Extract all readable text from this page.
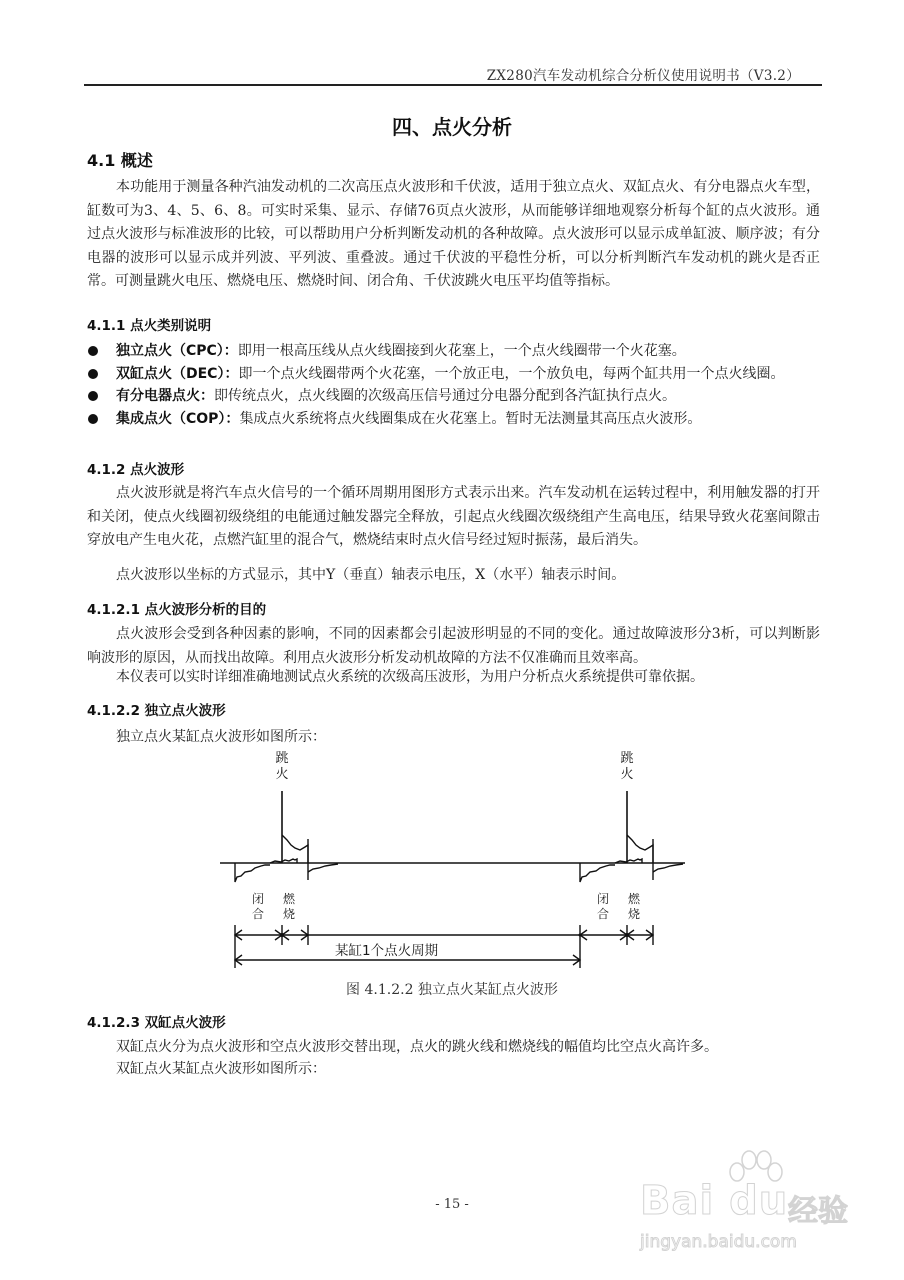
ZX280汽车发动机综合分析仪使用说明书（V3.2）
四、点火分析
4.1 概述
本功能用于测量各种汽油发动机的二次高压点火波形和千伏波，适用于独立点火、双缸点火、有分电器点火车型，缸数可为3、4、5、6、8。可实时采集、显示、存储76页点火波形，从而能够详细地观察分析每个缸的点火波形。通过点火波形与标准波形的比较，可以帮助用户分析判断发动机的各种故障。点火波形可以显示成单缸波、顺序波；有分电器的波形可以显示成并列波、平列波、重叠波。通过千伏波的平稳性分析，可以分析判断汽车发动机的跳火是否正常。可测量跳火电压、燃烧电压、燃烧时间、闭合角、千伏波跳火电压平均值等指标。
4.1.1 点火类别说明
独立点火（CPC）：即用一根高压线从点火线圈接到火花塞上，一个点火线圈带一个火花塞。
双缸点火（DEC）：即一个点火线圈带两个火花塞，一个放正电，一个放负电，每两个缸共用一个点火线圈。
有分电器点火：即传统点火，点火线圈的次级高压信号通过分电器分配到各汽缸执行点火。
集成点火（COP）：集成点火系统将点火线圈集成在火花塞上。暂时无法测量其高压点火波形。
4.1.2 点火波形
点火波形就是将汽车点火信号的一个循环周期用图形方式表示出来。汽车发动机在运转过程中，利用触发器的打开和关闭，使点火线圈初级绕组的电能通过触发器完全释放，引起点火线圈次级绕组产生高电压，结果导致火花塞间隙击穿放电产生电火花，点燃汽缸里的混合气，燃烧结束时点火信号经过短时振荡，最后消失。
点火波形以坐标的方式显示，其中Y（垂直）轴表示电压，X（水平）轴表示时间。
4.1.2.1 点火波形分析的目的
点火波形会受到各种因素的影响，不同的因素都会引起波形明显的不同的变化。通过故障波形分3析，可以判断影响波形的原因，从而找出故障。利用点火波形分析发动机故障的方法不仅准确而且效率高。
本仪表可以实时详细准确地测试点火系统的次级高压波形，为用户分析点火系统提供可靠依据。
4.1.2.2 独立点火波形
独立点火某缸点火波形如图所示：
跳火
跳火
闭合
燃烧
闭合
燃烧
某缸1个点火周期
图 4.1.2.2 独立点火某缸点火波形
4.1.2.3 双缸点火波形
双缸点火分为点火波形和空点火波形交替出现，点火的跳火线和燃烧线的幅值均比空点火高许多。
双缸点火某缸点火波形如图所示：
- 15 -	Bai du 经验
jingyan.baidu.com
